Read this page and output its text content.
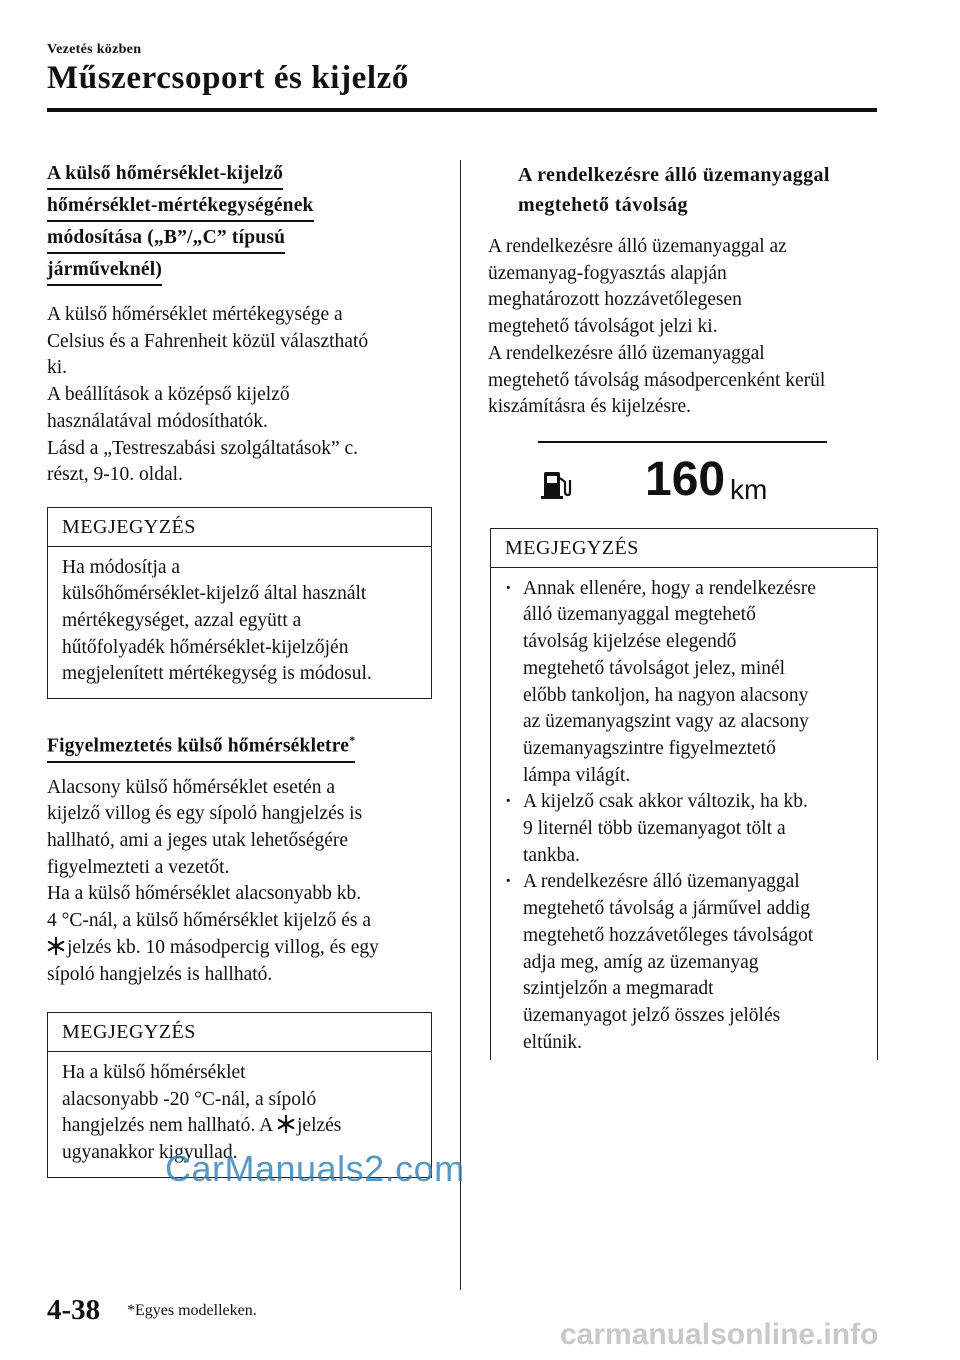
Vezetés közben
Műszercsoport és kijelző
A külső hőmérséklet-kijelző
hőmérséklet-mértékegységének
módosítása („B”/„C” típusú
járműveknél)

A külső hőmérséklet mértékegysége a
Celsius és a Fahrenheit közül választható
ki.
A beállítások a középső kijelző
használatával módosíthatók.
Lásd a „Testreszabási szolgáltatások” c.
részt, 9-10. oldal.

MEGJEGYZÉS
Ha módosítja a
külsőhőmérséklet-kijelző által használt
mértékegységet, azzal együtt a
hűtőfolyadék hőmérséklet-kijelzőjén
megjelenített mértékegység is módosul.
Figyelmeztetés külső hőmérsékletre*

Alacsony külső hőmérséklet esetén a
kijelző villog és egy sípoló hangjelzés is
hallható, ami a jeges utak lehetőségére
figyelmezteti a vezetőt.
Ha a külső hőmérséklet alacsonyabb kb.
4 °C-nál, a külső hőmérséklet kijelző és a
jelzés kb. 10 másodpercig villog, és egy
sípoló hangjelzés is hallható.

MEGJEGYZÉS
Ha a külső hőmérséklet
alacsonyabb -20 °C-nál, a sípoló
hangjelzés nem hallható. A jelzés
ugyanakkor kigyullad.
A rendelkezésre álló üzemanyaggal
megtehető távolság

A rendelkezésre álló üzemanyaggal az
üzemanyag-fogyasztás alapján
meghatározott hozzávetőlegesen
megtehető távolságot jelzi ki.
A rendelkezésre álló üzemanyaggal
megtehető távolság másodpercenként kerül
kiszámításra és kijelzésre.

160 km
MEGJEGYZÉS
· Annak ellenére, hogy a rendelkezésre
álló üzemanyaggal megtehető
távolság kijelzése elegendő
megtehető távolságot jelez, minél
előbb tankoljon, ha nagyon alacsony
az üzemanyagszint vagy az alacsony
üzemanyagszintre figyelmeztető
lámpa világít.
· A kijelző csak akkor változik, ha kb.
9 liternél több üzemanyagot tölt a
tankba.
· A rendelkezésre álló üzemanyaggal
megtehető távolság a járművel addig
megtehető hozzávetőleges távolságot
adja meg, amíg az üzemanyag
szintjelzőn a megmaradt
üzemanyagot jelző összes jelölés
eltűnik.
CarManuals2.com
4-38 *Egyes modelleken.
carmanualsonline.info
